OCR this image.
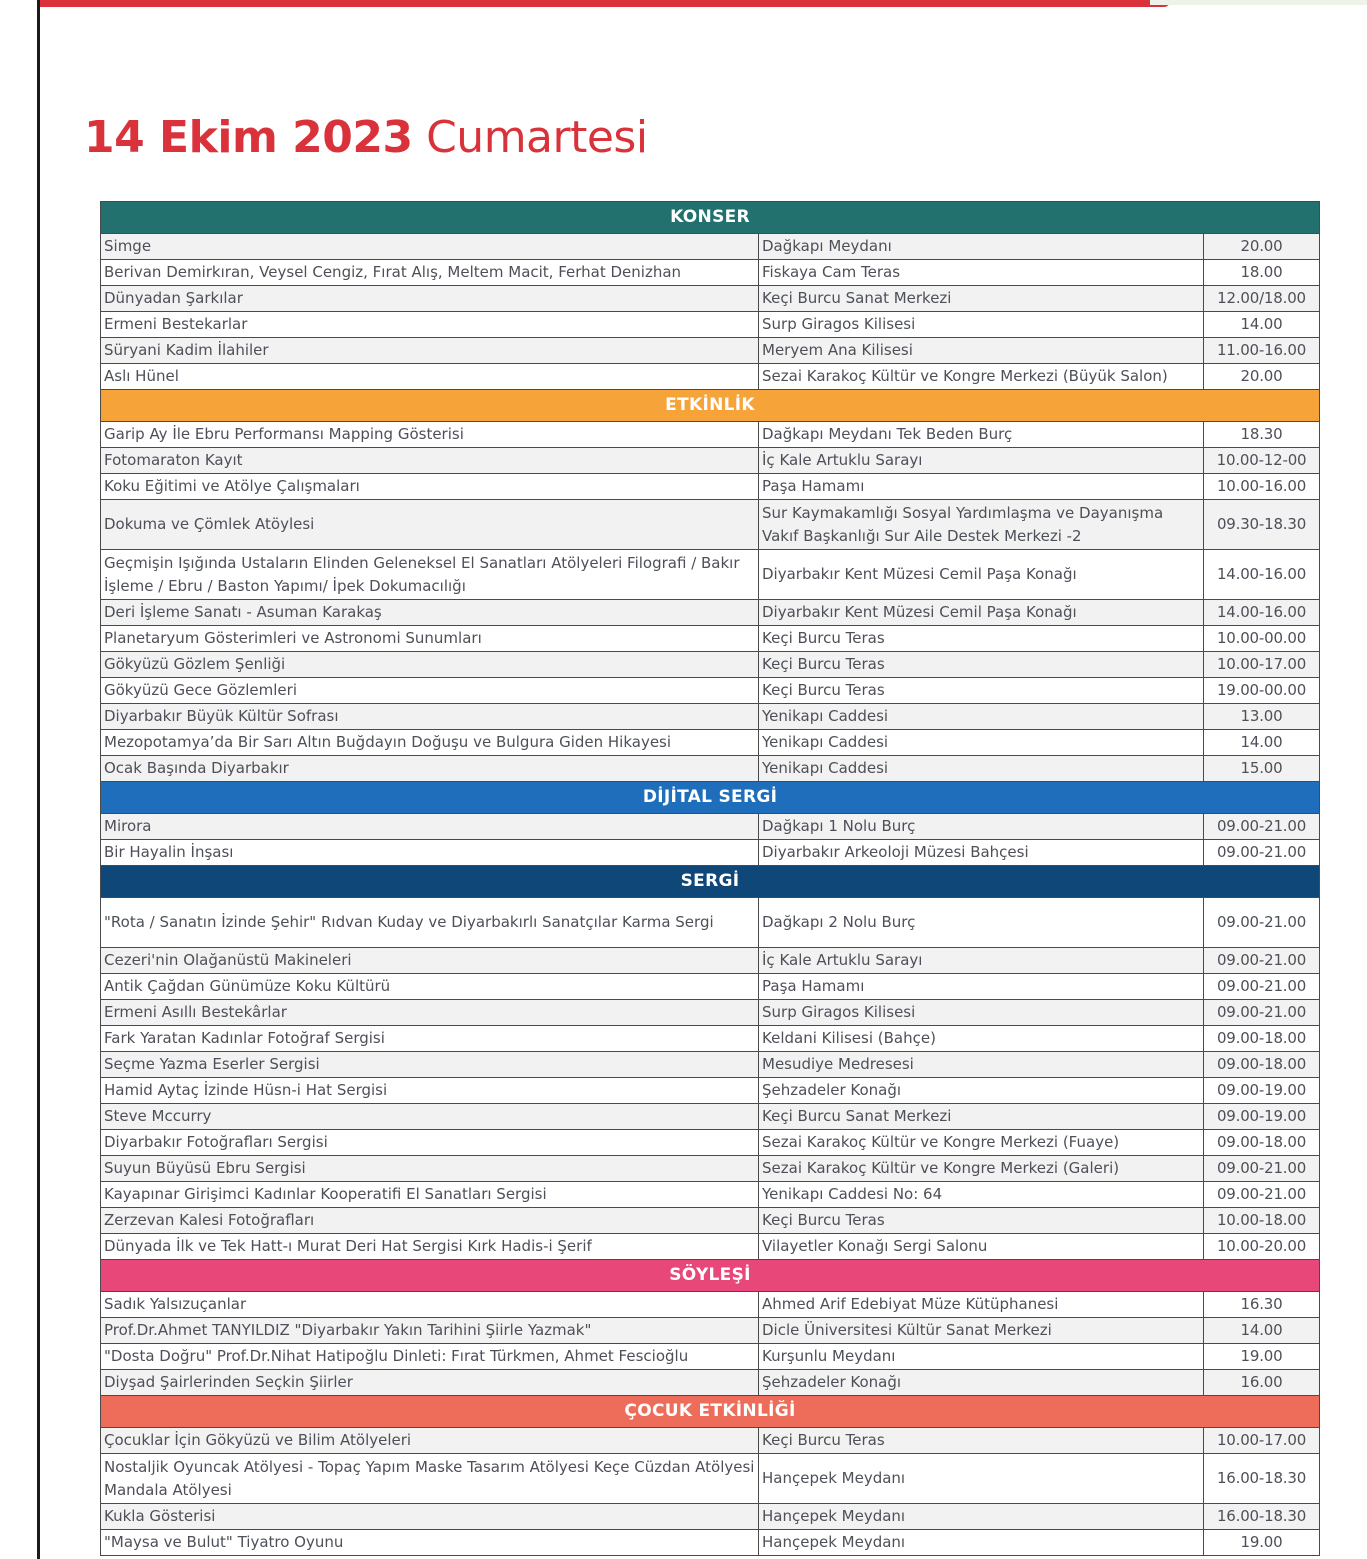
14 Ekim 2023 Cumartesi
KONSER		
Simge	Dağkapı Meydanı	20.00
Berivan Demirkıran, Veysel Cengiz, Fırat Alış, Meltem Macit, Ferhat Denizhan	Fiskaya Cam Teras	18.00
Dünyadan Şarkılar	Keçi Burcu Sanat Merkezi	12.00/18.00
Ermeni Bestekarlar	Surp Giragos Kilisesi	14.00
Süryani Kadim İlahiler	Meryem Ana Kilisesi	11.00-16.00
Aslı Hünel	Sezai Karakoç Kültür ve Kongre Merkezi (Büyük Salon)	20.00
ETKİNLİK		
Garip Ay İle Ebru Performansı Mapping Gösterisi	Dağkapı Meydanı Tek Beden Burç	18.30
Fotomaraton Kayıt	İç Kale Artuklu Sarayı	10.00-12-00
Koku Eğitimi ve Atölye Çalışmaları	Paşa Hamamı	10.00-16.00
Dokuma ve Çömlek Atöylesi	Sur Kaymakamlığı Sosyal Yardımlaşma ve Dayanışma Vakıf Başkanlığı Sur Aile Destek Merkezi -2	09.30-18.30
Geçmişin Işığında Ustaların Elinden Geleneksel El Sanatları Atölyeleri Filografi / Bakır İşleme / Ebru / Baston Yapımı/ İpek Dokumacılığı	Diyarbakır Kent Müzesi Cemil Paşa Konağı	14.00-16.00
Deri İşleme Sanatı - Asuman Karakaş	Diyarbakır Kent Müzesi Cemil Paşa Konağı	14.00-16.00
Planetaryum Gösterimleri ve Astronomi Sunumları	Keçi Burcu Teras	10.00-00.00
Gökyüzü Gözlem Şenliği	Keçi Burcu Teras	10.00-17.00
Gökyüzü Gece Gözlemleri	Keçi Burcu Teras	19.00-00.00
Diyarbakır Büyük Kültür Sofrası	Yenikapı Caddesi	13.00
Mezopotamya’da Bir Sarı Altın Buğdayın Doğuşu ve Bulgura Giden Hikayesi	Yenikapı Caddesi	14.00
Ocak Başında Diyarbakır	Yenikapı Caddesi	15.00
DİJİTAL SERGİ		
Mirora	Dağkapı 1 Nolu Burç	09.00-21.00
Bir Hayalin İnşası	Diyarbakır Arkeoloji Müzesi Bahçesi	09.00-21.00
SERGİ		
"Rota / Sanatın İzinde Şehir" Rıdvan Kuday ve Diyarbakırlı Sanatçılar Karma Sergi	Dağkapı 2 Nolu Burç	09.00-21.00
Cezeri'nin Olağanüstü Makineleri	İç Kale Artuklu Sarayı	09.00-21.00
Antik Çağdan Günümüze Koku Kültürü	Paşa Hamamı	09.00-21.00
Ermeni Asıllı Bestekârlar	Surp Giragos Kilisesi	09.00-21.00
Fark Yaratan Kadınlar Fotoğraf Sergisi	Keldani Kilisesi (Bahçe)	09.00-18.00
Seçme Yazma Eserler Sergisi	Mesudiye Medresesi	09.00-18.00
Hamid Aytaç İzinde Hüsn-i Hat Sergisi	Şehzadeler Konağı	09.00-19.00
Steve Mccurry	Keçi Burcu Sanat Merkezi	09.00-19.00
Diyarbakır Fotoğrafları Sergisi	Sezai Karakoç Kültür ve Kongre Merkezi (Fuaye)	09.00-18.00
Suyun Büyüsü Ebru Sergisi	Sezai Karakoç Kültür ve Kongre Merkezi (Galeri)	09.00-21.00
Kayapınar Girişimci Kadınlar Kooperatifi El Sanatları Sergisi	Yenikapı Caddesi No: 64	09.00-21.00
Zerzevan Kalesi Fotoğrafları	Keçi Burcu Teras	10.00-18.00
Dünyada İlk ve Tek Hatt-ı Murat Deri Hat Sergisi Kırk Hadis-i Şerif	Vilayetler Konağı Sergi Salonu	10.00-20.00
SÖYLEŞİ		
Sadık Yalsızuçanlar	Ahmed Arif Edebiyat Müze Kütüphanesi	16.30
Prof.Dr.Ahmet TANYILDIZ "Diyarbakır Yakın Tarihini Şiirle Yazmak"	Dicle Üniversitesi Kültür Sanat Merkezi	14.00
"Dosta Doğru" Prof.Dr.Nihat Hatipoğlu Dinleti: Fırat Türkmen, Ahmet Fescioğlu	Kurşunlu Meydanı	19.00
Diyşad Şairlerinden Seçkin Şiirler	Şehzadeler Konağı	16.00
ÇOCUK ETKİNLİĞİ		
Çocuklar İçin Gökyüzü ve Bilim Atölyeleri	Keçi Burcu Teras	10.00-17.00
Nostaljik Oyuncak Atölyesi - Topaç Yapım Maske Tasarım Atölyesi Keçe Cüzdan Atölyesi Mandala Atölyesi	Hançepek Meydanı	16.00-18.30
Kukla Gösterisi	Hançepek Meydanı	16.00-18.30
"Maysa ve Bulut" Tiyatro Oyunu	Hançepek Meydanı	19.00
